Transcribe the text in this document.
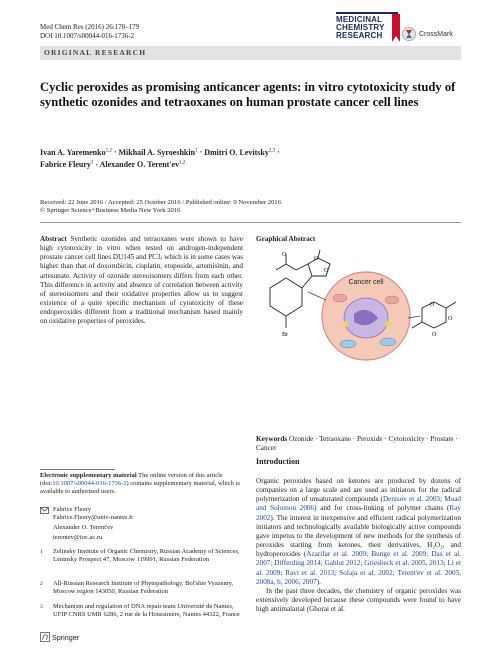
Med Chem Res (2016) 26:170–179
DOI 10.1007/s00044-016-1736-2
MEDICINAL
CHEMISTRY
RESEARCH	CrossMark
ORIGINAL RESEARCH
Cyclic peroxides as promising anticancer agents: in vitro cytotoxicity study of synthetic ozonides and tetraoxanes on human prostate cancer cell lines
Ivan A. Yaremenko$^{1,2}$ · Mikhail A. Syroeshkin$^1$ · Dmitri O. Levitsky$^{2,3}$ ·
Fabrice Fleury$^3$ · Alexander O. Terent'ev$^{1,2}$
Received: 22 June 2016 / Accepted: 25 October 2016 / Published online: 9 November 2016
© Springer Science+Business Media New York 2016
Abstract Synthetic ozonides and tetraoxanes were shown to have high cytotoxicity in vitro when tested on androgen-independent prostate cancer cell lines DU145 and PC3, which is in some cases was higher than that of doxorubicin, cisplatin, etoposide, artemisinin, and artesunate. Activity of ozonide stereoisomers differs from each other. This difference in activity and absence of correlation between activity of stereoisomers and their oxidative properties allow us to suggest existence of a quite specific mechanism of cytotoxicity of these endoperoxides different from a traditional mechanism based mainly on oxidative properties of peroxides.
Graphical Abstract
O
O
O
Br
Cancer cell
O
O
O
Keywords Ozonide · Tetraoxane · Peroxide · Cytotoxicity · Prostate · Cancer
Introduction
Organic peroxides based on ketones are produced by dozens of companies on a large scale and are used as initiators for the radical polymerization of unsaturated compounds (Denisov et al. 2003; Moad and Solomon 2006) and for cross-linking of polymer chains (Ray 2002). The interest in inexpensive and efficient radical polymerization initiators and technologically available biologically active compounds gave impetus to the development of new methods for the synthesis of peroxides starting from ketones, their derivatives, H₂O₂, and hydroperoxides (Azarifar et al. 2009; Bunge et al. 2009; Das et al. 2007; Differding 2014; Gahlot 2012; Griesbeck et al. 2005, 2013; Li et al. 2009; Ravi et al. 2013; Solaja et al. 2002; Terent'ev et al. 2005, 2008a, b, 2006, 2007).
In the past three decades, the chemistry of organic peroxides was extensively developed because these compounds were found to have high antimalarial (Ghorai et al.
Electronic supplementary material The online version of this article (doi:10.1007/s00044-016-1736-2) contains supplementary material, which is available to authorized users.
Fabrice Fleury
Fabrice.Fleury@univ-nantes.fr
Alexander O. Terent'ev
terentev@ioc.ac.ru
1 Zelinsky Institute of Organic Chemistry, Russian Academy of Sciences, Leninsky Prospect 47, Moscow 119991, Russian Federation
2 All-Russian Research Institute of Phytopathology, Bol'shie Vyazemy, Moscow region 143050, Russian Federation
3 Mechanism and regulation of DNA repair team Université de Nantes, UFIP CNRS UMR 6286, 2 rue de la Houssinière, Nantes 44322, France
Springer
